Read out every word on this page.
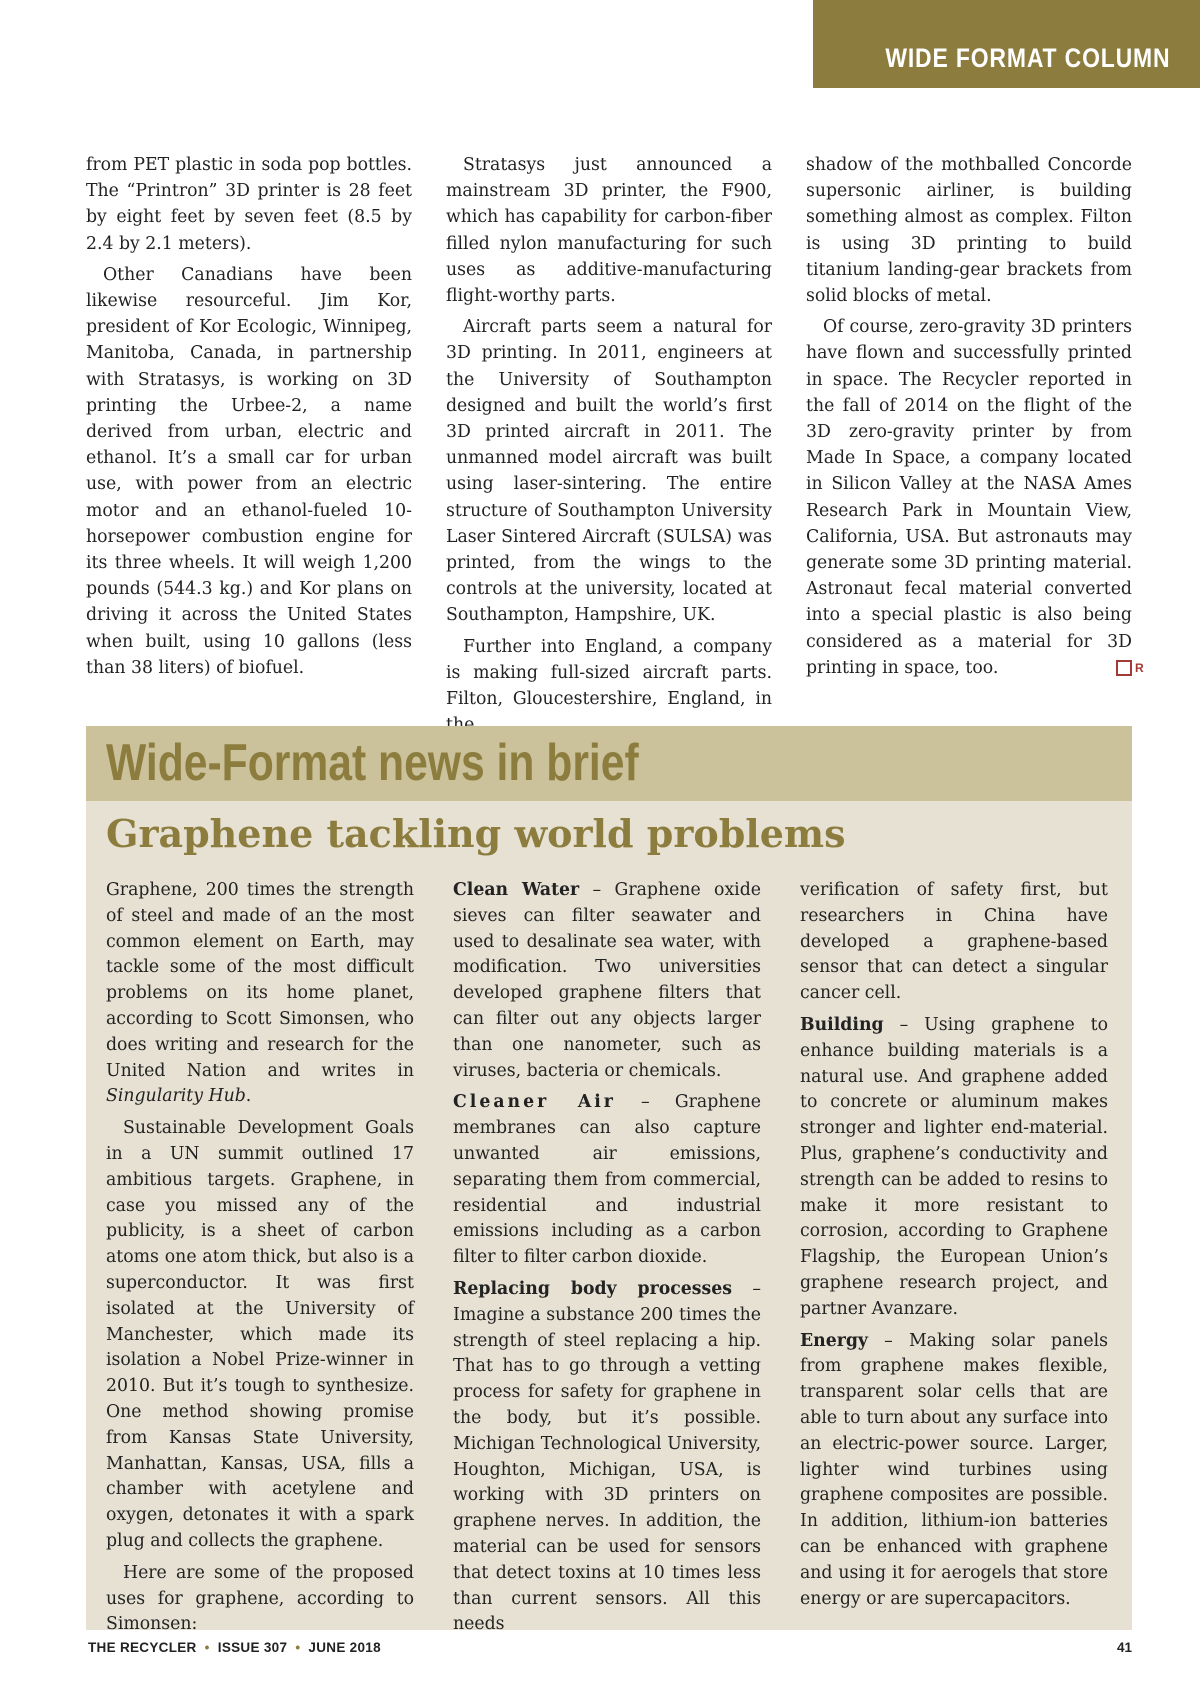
WIDE FORMAT COLUMN

from PET plastic in soda pop bottles. The “Printron” 3D printer is 28 feet by eight feet by seven feet (8.5 by 2.4 by 2.1 meters).

Other Canadians have been likewise resourceful. Jim Kor, president of Kor Ecologic, Winnipeg, Manitoba, Canada, in partnership with Stratasys, is working on 3D printing the Urbee-2, a name derived from urban, electric and ethanol. It’s a small car for urban use, with power from an electric motor and an ethanol-fueled 10-horsepower combustion engine for its three wheels. It will weigh 1,200 pounds (544.3 kg.) and Kor plans on driving it across the United States when built, using 10 gallons (less than 38 liters) of biofuel.

Stratasys just announced a mainstream 3D printer, the F900, which has capability for carbon-fiber filled nylon manufacturing for such uses as additive-manufacturing flight-worthy parts.

Aircraft parts seem a natural for 3D printing. In 2011, engineers at the University of Southampton designed and built the world’s first 3D printed aircraft in 2011. The unmanned model aircraft was built using laser-sintering. The entire structure of Southampton University Laser Sintered Aircraft (SULSA) was printed, from the wings to the controls at the university, located at Southampton, Hampshire, UK.

Further into England, a company is making full-sized aircraft parts. Filton, Gloucestershire, England, in

shadow of the mothballed Concorde supersonic airliner, is building something almost as complex. Filton is using 3D printing to build titanium landing-gear brackets from solid blocks of metal.

Of course, zero-gravity 3D printers have flown and successfully printed in space. The Recycler reported in the fall of 2014 on the flight of the 3D zero-gravity printer by from Made In Space, a company located in Silicon Valley at the NASA Ames Research Park in Mountain View, California, USA. But astronauts may generate some 3D printing material. Astronaut fecal material converted into a special plastic is also being considered as a material for 3D printing in space, too.	R

Wide-Format news in brief
Graphene tackling world problems

Graphene, 200 times the strength of steel and made of an the most common element on Earth, may tackle some of the most difficult problems on its home planet, according to Scott Simonsen, who does writing and research for the United Nation and writes in Singularity Hub.

Sustainable Development Goals in a UN summit outlined 17 ambitious targets. Graphene, in case you missed any of the publicity, is a sheet of carbon atoms one atom thick, but also is a superconductor. It was first isolated at the University of Manchester, which made its isolation a Nobel Prize-winner in 2010. But it’s tough to synthesize. One method showing promise from Kansas State University, Manhattan, Kansas, USA, fills a chamber with acetylene and oxygen, detonates it with a spark plug and collects the graphene.

Here are some of the proposed uses for graphene, according to Simonsen:

Clean Water – Graphene oxide sieves can filter seawater and used to desalinate sea water, with modification. Two universities developed graphene filters that can filter out any objects larger than one nanometer, such as viruses, bacteria or chemicals.

Cleaner Air – Graphene membranes can also capture unwanted air emissions, separating them from commercial, residential and industrial emissions including as a carbon filter to filter carbon dioxide.

Replacing body processes – Imagine a substance 200 times the strength of steel replacing a hip. That has to go through a vetting process for safety for graphene in the body, but it’s possible. Michigan Technological University, Houghton, Michigan, USA, is working with 3D printers on graphene nerves. In addition, the material can be used for sensors that detect toxins at 10 times less than current sensors. All this needs

verification of safety first, but researchers in China have developed a graphene-based sensor that can detect a singular cancer cell.

Building – Using graphene to enhance building materials is a natural use. And graphene added to concrete or aluminum makes stronger and lighter end-material. Plus, graphene’s conductivity and strength can be added to resins to make it more resistant to corrosion, according to Graphene Flagship, the European Union’s graphene research project, and partner Avanzare.

Energy – Making solar panels from graphene makes flexible, transparent solar cells that are able to turn about any surface into an electric-power source. Larger, lighter wind turbines using graphene composites are possible. In addition, lithium-ion batteries can be enhanced with graphene and using it for aerogels that store energy or are supercapacitors.

THE RECYCLER • ISSUE 307 • JUNE 2018	41
